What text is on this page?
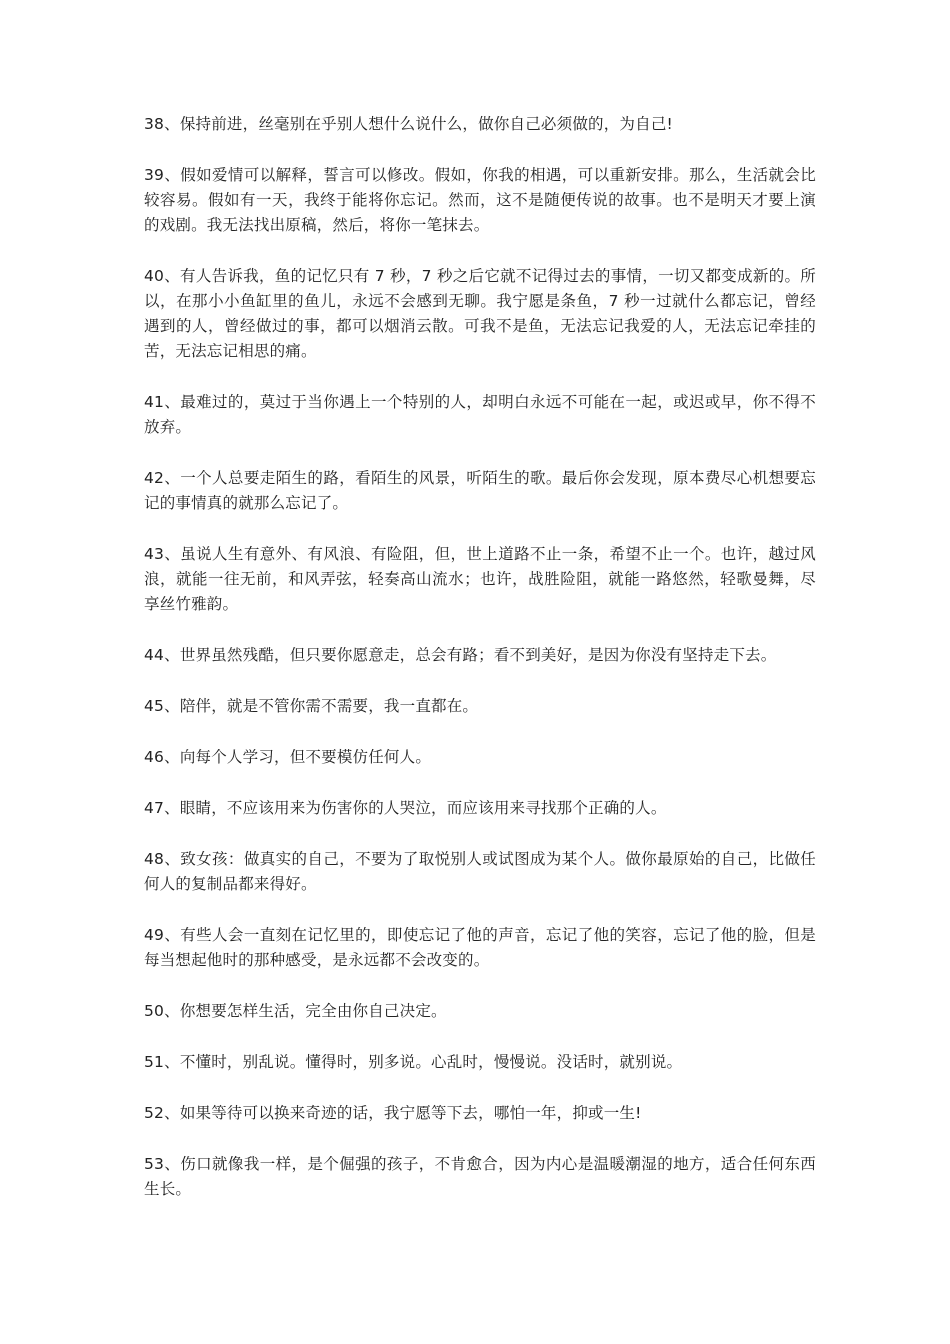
38、保持前进，丝毫别在乎别人想什么说什么，做你自己必须做的，为自己!

39、假如爱情可以解释，誓言可以修改。假如，你我的相遇，可以重新安排。那么，生活就会比较容易。假如有一天，我终于能将你忘记。然而，这不是随便传说的故事。也不是明天才要上演的戏剧。我无法找出原稿，然后，将你一笔抹去。

40、有人告诉我，鱼的记忆只有 7 秒，7 秒之后它就不记得过去的事情，一切又都变成新的。所以，在那小小鱼缸里的鱼儿，永远不会感到无聊。我宁愿是条鱼，7 秒一过就什么都忘记，曾经遇到的人，曾经做过的事，都可以烟消云散。可我不是鱼，无法忘记我爱的人，无法忘记牵挂的苦，无法忘记相思的痛。

41、最难过的，莫过于当你遇上一个特别的人，却明白永远不可能在一起，或迟或早，你不得不放弃。

42、一个人总要走陌生的路，看陌生的风景，听陌生的歌。最后你会发现，原本费尽心机想要忘记的事情真的就那么忘记了。

43、虽说人生有意外、有风浪、有险阻，但，世上道路不止一条，希望不止一个。也许，越过风浪，就能一往无前，和风弄弦，轻奏高山流水；也许，战胜险阻，就能一路悠然，轻歌曼舞，尽享丝竹雅韵。

44、世界虽然残酷，但只要你愿意走，总会有路；看不到美好，是因为你没有坚持走下去。

45、陪伴，就是不管你需不需要，我一直都在。

46、向每个人学习，但不要模仿任何人。

47、眼睛，不应该用来为伤害你的人哭泣，而应该用来寻找那个正确的人。

48、致女孩：做真实的自己，不要为了取悦别人或试图成为某个人。做你最原始的自己，比做任何人的复制品都来得好。

49、有些人会一直刻在记忆里的，即使忘记了他的声音，忘记了他的笑容，忘记了他的脸，但是每当想起他时的那种感受，是永远都不会改变的。

50、你想要怎样生活，完全由你自己决定。

51、不懂时，别乱说。懂得时，别多说。心乱时，慢慢说。没话时，就别说。

52、如果等待可以换来奇迹的话，我宁愿等下去，哪怕一年，抑或一生!

53、伤口就像我一样，是个倔强的孩子，不肯愈合，因为内心是温暖潮湿的地方，适合任何东西生长。
